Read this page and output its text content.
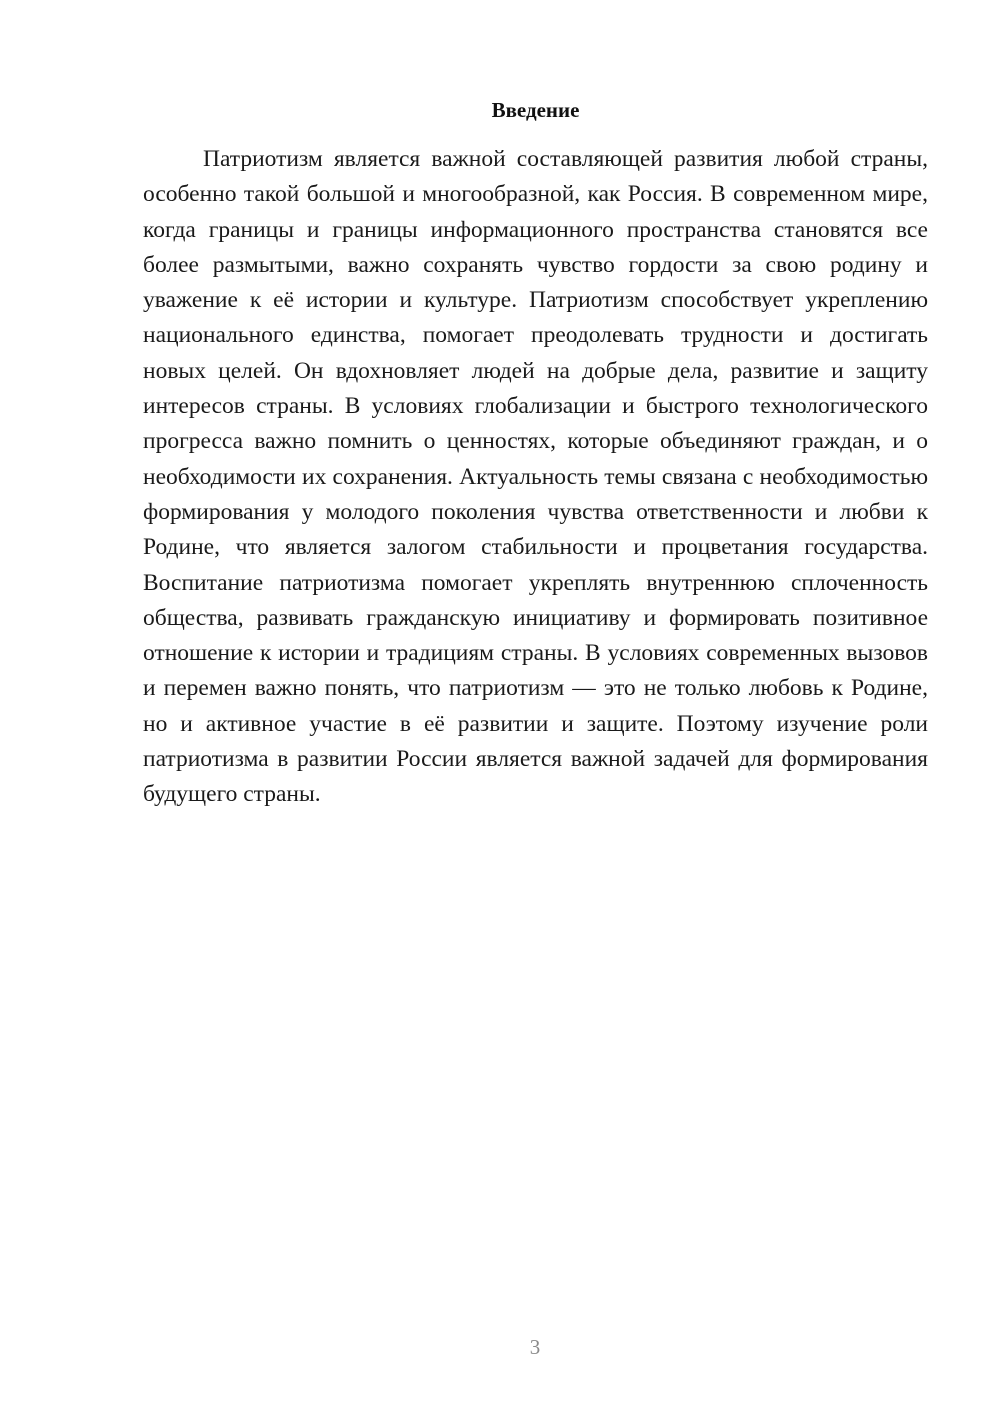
Введение

Патриотизм является важной составляющей развития любой страны, особенно такой большой и многообразной, как Россия. В современном мире, когда границы и границы информационного пространства становятся все более размытыми, важно сохранять чувство гордости за свою родину и уважение к её истории и культуре. Патриотизм способствует укреплению национального единства, помогает преодолевать трудности и достигать новых целей. Он вдохновляет людей на добрые дела, развитие и защиту интересов страны. В условиях глобализации и быстрого технологического прогресса важно помнить о ценностях, которые объединяют граждан, и о необходимости их сохранения. Актуальность темы связана с необходимостью формирования у молодого поколения чувства ответственности и любви к Родине, что является залогом стабильности и процветания государства. Воспитание патриотизма помогает укреплять внутреннюю сплоченность общества, развивать гражданскую инициативу и формировать позитивное отношение к истории и традициям страны. В условиях современных вызовов и перемен важно понять, что патриотизм — это не только любовь к Родине, но и активное участие в её развитии и защите. Поэтому изучение роли патриотизма в развитии России является важной задачей для формирования будущего страны.

3
